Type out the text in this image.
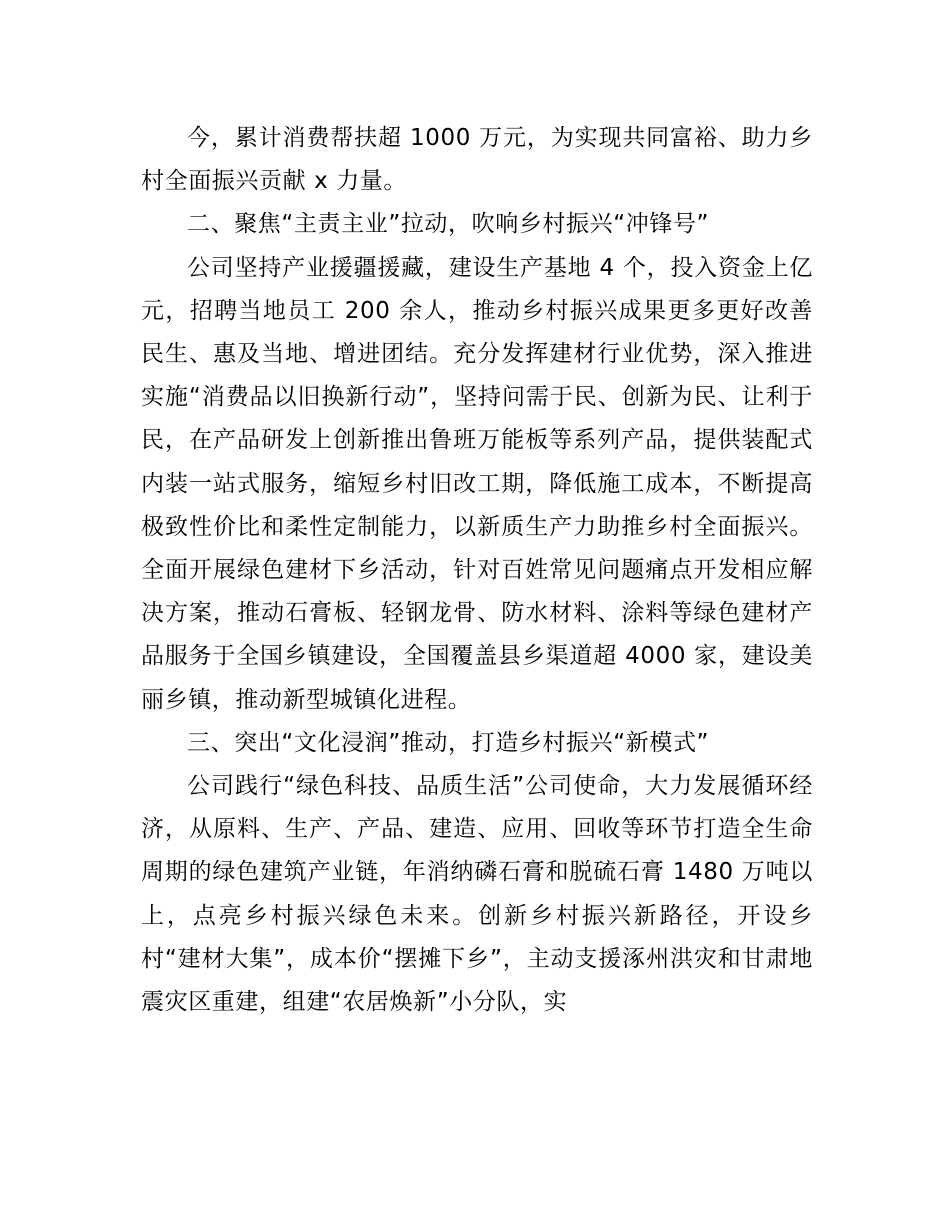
今，累计消费帮扶超 1000 万元，为实现共同富裕、助力乡村全面振兴贡献 x 力量。

二、聚焦“主责主业”拉动，吹响乡村振兴“冲锋号”

公司坚持产业援疆援藏，建设生产基地 4 个，投入资金上亿元，招聘当地员工 200 余人，推动乡村振兴成果更多更好改善民生、惠及当地、增进团结。充分发挥建材行业优势，深入推进实施“消费品以旧换新行动”，坚持问需于民、创新为民、让利于民，在产品研发上创新推出鲁班万能板等系列产品，提供装配式内装一站式服务，缩短乡村旧改工期，降低施工成本，不断提高极致性价比和柔性定制能力，以新质生产力助推乡村全面振兴。全面开展绿色建材下乡活动，针对百姓常见问题痛点开发相应解决方案，推动石膏板、轻钢龙骨、防水材料、涂料等绿色建材产品服务于全国乡镇建设，全国覆盖县乡渠道超 4000 家，建设美丽乡镇，推动新型城镇化进程。

三、突出“文化浸润”推动，打造乡村振兴“新模式”

公司践行“绿色科技、品质生活”公司使命，大力发展循环经济，从原料、生产、产品、建造、应用、回收等环节打造全生命周期的绿色建筑产业链，年消纳磷石膏和脱硫石膏 1480 万吨以上，点亮乡村振兴绿色未来。创新乡村振兴新路径，开设乡村“建材大集”，成本价“摆摊下乡”，主动支援涿州洪灾和甘肃地震灾区重建，组建“农居焕新”小分队，实
